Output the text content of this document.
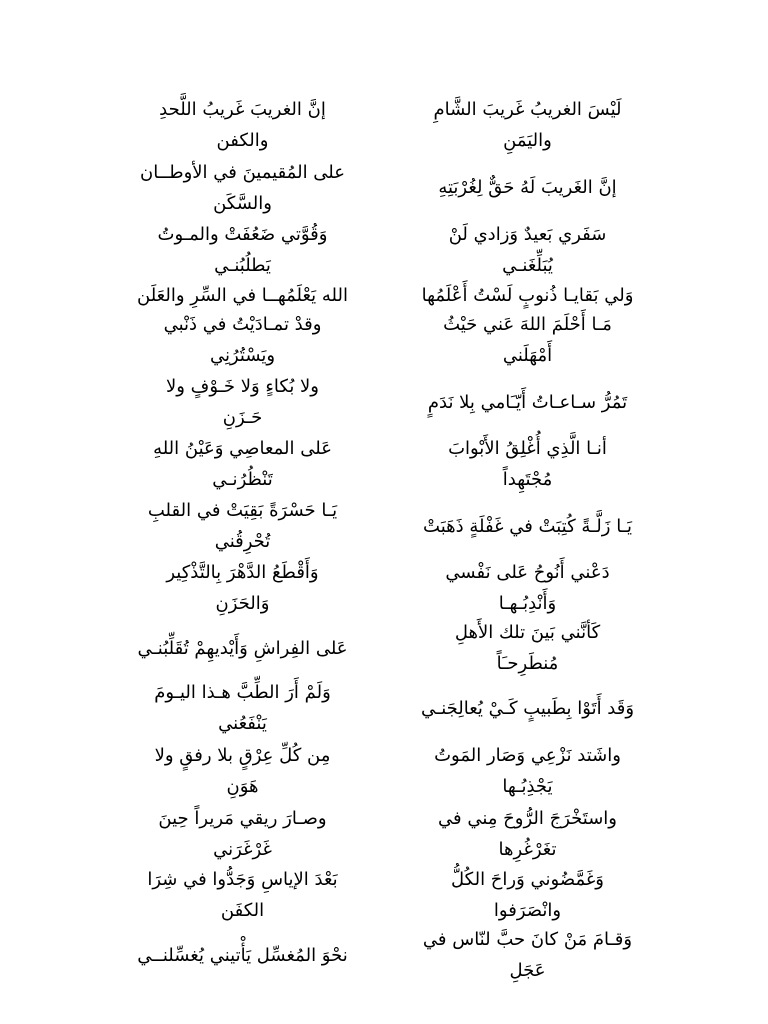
لَيْسَ الغريبُ غَريبَ الشَّامِ
واليَمَنِ
إنَّ الغريبَ غَريبُ اللَّحدِ
والكفن
إنَّ الغَريبَ لَهُ حَقٌّ لِغُرْبَتِهِ
على المُقيمينَ في الأوطــان
والسَّكَن
سَفَري بَعيدٌ وَزادي لَنْ
يُبَلِّغَنـي
وَقُوَّتي ضَعُفَتْ والمـوتُ
يَطلُبُنـي
وَلي بَقايـا ذُنوبٍ لَسْتُ أَعْلَمُها
الله يَعْلَمُهــا في السِّرِ والعَلَن
مَـا أَحْلَمَ اللهَ عَني حَيْثُ
أَمْهَلَني
وقدْ تمـادَيْتُ في ذَنْبي
ويَسْتُرُنِي
تَمُرُّ سـاعـاتُ أَيّـَامي بِلا نَدَمٍ
ولا بُكاءٍ وَلا خَـوْفٍ ولا
حَـزَنِ
أنـا الَّذِي أُغْلِقُ الأَبْوابَ
مُجْتَهِداً
عَلى المعاصِي وَعَيْنُ اللهِ
تَنْظُرُنـي
يَـا زَلَّـةً كُتِبَتْ في غَفْلَةٍ ذَهَبَتْ
يَـا حَسْرَةً بَقِيَتْ في القلبِ
تُحْرِقُني
دَعْني أَنُوحُ عَلى نَفْسي
وَأَنْدِبُـهـا
وَأَقْطَعُ الدَّهْرَ بِالتَّذْكِير
وَالحَزَنِ
كَأنَّني بَينَ تلك الأَهلِ
مُنطَرِحـَاً
عَلى الفِراشِ وَأَيْديهِمْ تُقَلِّبُنـي
وَقَد أَتَوْا بِطَبيبٍ كَـيْ يُعالِجَنـي
وَلَمْ أَرَ الطِّبَّ هـذا اليـومَ
يَنْفَعُني
واشَتد نَزْعِي وَصَار المَوتُ
يَجْذِبُـها
مِن كُلِّ عِرْقٍ بلا رفقٍ ولا
هَوَنِ
واستَخْرَجَ الرُّوحَ مِني في
تغَرْغُرِها
وصـارَ ريقي مَريراً حِينَ
غَرْغَرَني
وَغَمَّضُوني وَراحَ الكُلُّ
وانْصَرَفوا
بَعْدَ الإياسِ وَجَدُّوا في شِرَا
الكفَن
وَقـامَ مَنْ كانَ حبَّ لنّاس في
عَجَلِ
نحْوَ المُغسِّل يَأْتيني يُغسِّلنــي
